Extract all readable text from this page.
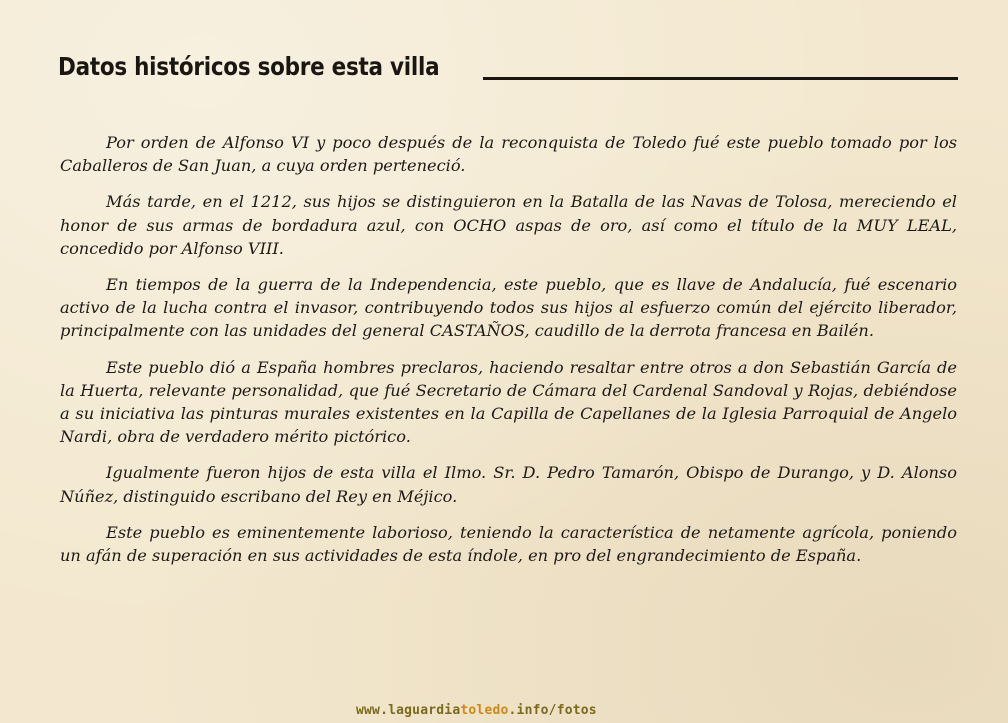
Datos históricos sobre esta villa

Por orden de Alfonso VI y poco después de la reconquista de Toledo fué este pueblo tomado por los Caballeros de San Juan, a cuya orden perteneció.

Más tarde, en el 1212, sus hijos se distinguieron en la Batalla de las Navas de Tolosa, mereciendo el honor de sus armas de bordadura azul, con OCHO aspas de oro, así como el título de la MUY LEAL, concedido por Alfonso VIII.

En tiempos de la guerra de la Independencia, este pueblo, que es llave de Andalucía, fué escenario activo de la lucha contra el invasor, contribuyendo todos sus hijos al esfuerzo común del ejército liberador, principalmente con las unidades del general CASTAÑOS, caudillo de la derrota francesa en Bailén.

Este pueblo dió a España hombres preclaros, haciendo resaltar entre otros a don Sebastián García de la Huerta, relevante personalidad, que fué Secretario de Cámara del Cardenal Sandoval y Rojas, debiéndose a su iniciativa las pinturas murales existentes en la Capilla de Capellanes de la Iglesia Parroquial de Angelo Nardi, obra de verdadero mérito pictórico.

Igualmente fueron hijos de esta villa el Ilmo. Sr. D. Pedro Tamarón, Obispo de Durango, y D. Alonso Núñez, distinguido escribano del Rey en Méjico.

Este pueblo es eminentemente laborioso, teniendo la característica de netamente agrícola, poniendo un afán de superación en sus actividades de esta índole, en pro del engrandecimiento de España.

www.laguardiatoledo.info/fotos
